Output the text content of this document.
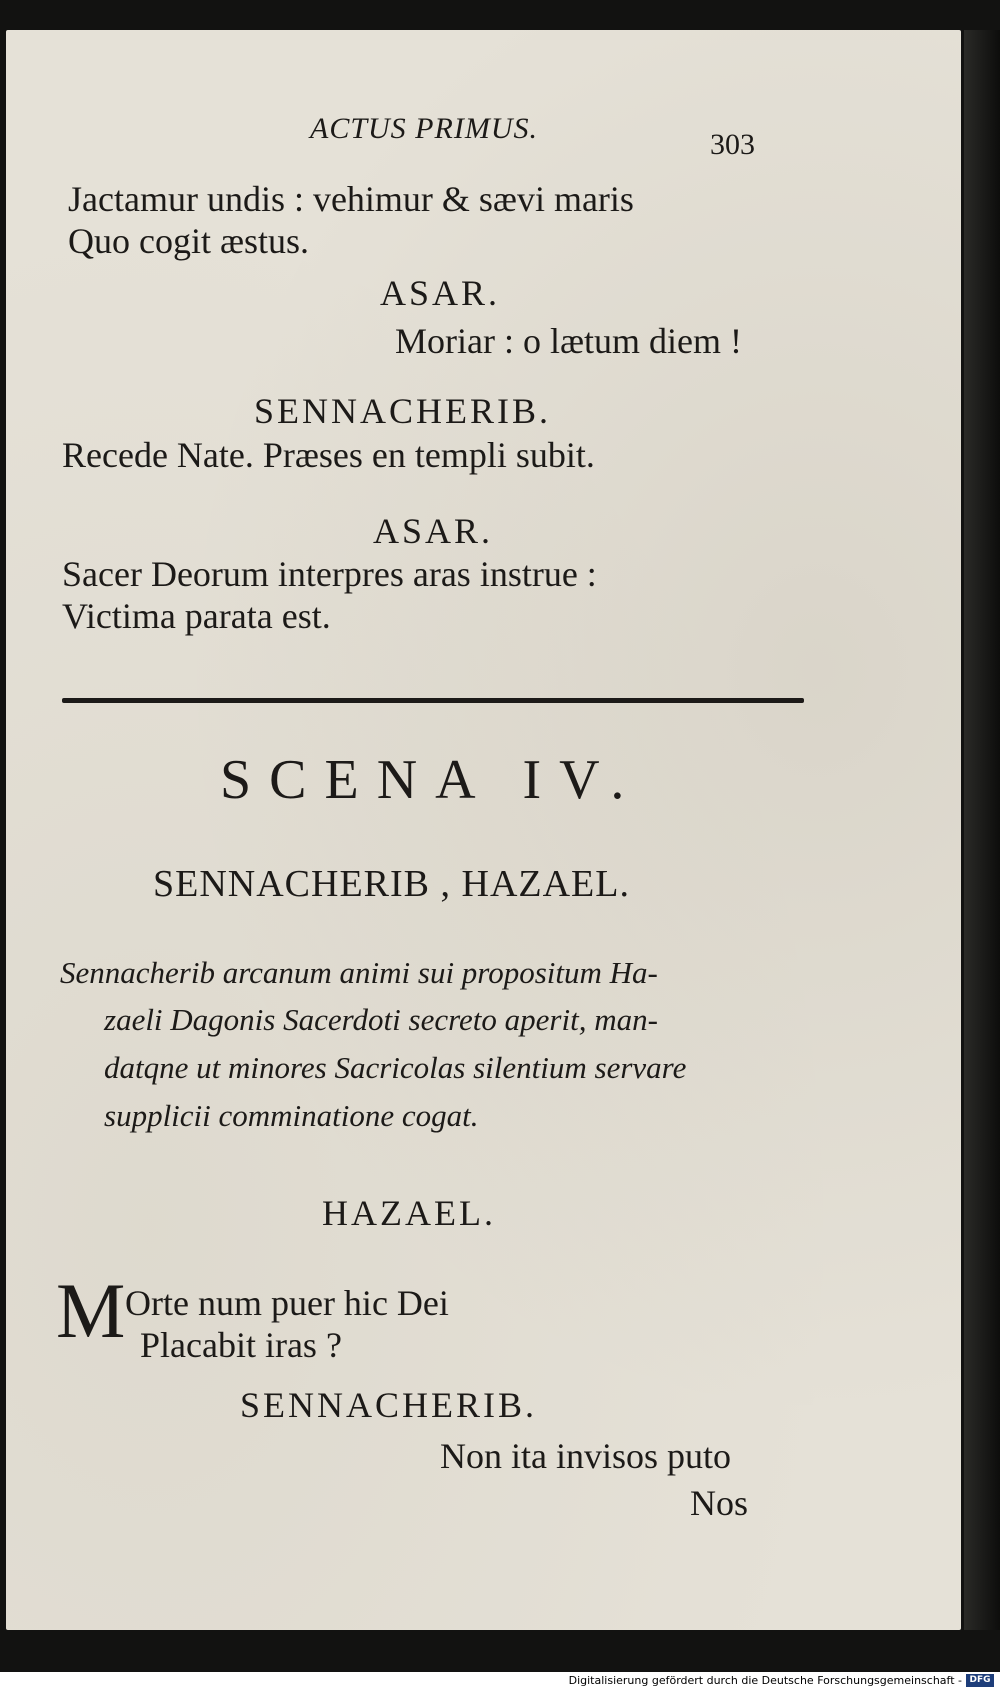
ACTUS PRIMUS.	303
Jactamur undis : vehimur & sævi maris
Quo cogit æstus.
ASAR.
Moriar : o lætum diem !
SENNACHERIB.
Recede Nate. Præses en templi subit.
ASAR.
Sacer Deorum interpres aras instrue :
Victima parata est.
SCENA IV.
SENNACHERIB , HAZAEL.
Sennacherib arcanum animi sui propositum Ha-
zaeli Dagonis Sacerdoti secreto aperit, man-
datqne ut minores Sacricolas silentium servare
supplicii comminatione cogat.
HAZAEL.
M Orte num puer hic Dei
Placabit iras ?
SENNACHERIB.
Non ita invisos puto
Nos
Digitalisierung gefördert durch die Deutsche Forschungsgemeinschaft - DFG
